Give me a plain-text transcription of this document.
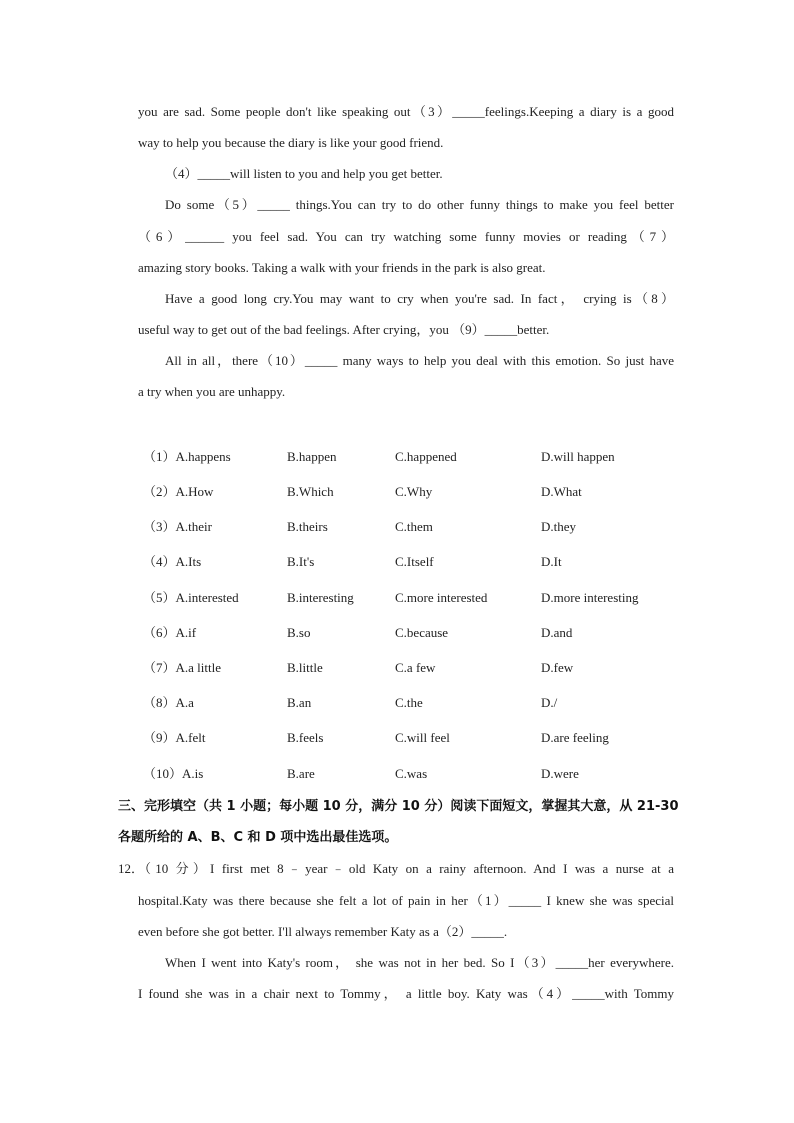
you are sad. Some people don't like speaking out（3）_____feelings.Keeping a diary is a good
way to help you because the diary is like your good friend.
（4）_____will listen to you and help you get better.
Do some（5）_____ things.You can try to do other funny things to make you feel better
（6）______ you feel sad. You can try watching some funny movies or reading（7）
amazing story books. Taking a walk with your friends in the park is also great.
Have a good long cry.You may want to cry when you're sad. In fact， crying is（8）
useful way to get out of the bad feelings. After crying，you （9）_____better.
All in all，there（10）_____ many ways to help you deal with this emotion. So just have
a try when you are unhappy.
（1）A.happens	B.happen	C.happened	D.will happen
（2）A.How	B.Which	C.Why	D.What
（3）A.their	B.theirs	C.them	D.they
（4）A.Its	B.It's	C.Itself	D.It
（5）A.interested	B.interesting	C.more interested	D.more interesting
（6）A.if	B.so	C.because	D.and
（7）A.a little	B.little	C.a few	D.few
（8）A.a	B.an	C.the	D./
（9）A.felt	B.feels	C.will feel	D.are feeling
（10）A.is	B.are	C.was	D.were
三、完形填空（共 1 小题；每小题 10 分，满分 10 分）阅读下面短文，掌握其大意，从 21-30
各题所给的 A、B、C 和 D 项中选出最佳选项。
12．
（10 分）I first met 8﹣year﹣old Katy on a rainy afternoon. And I was a nurse at a
hospital.Katy was there because she felt a lot of pain in her（1）_____ I knew she was special
even before she got better. I'll always remember Katy as a（2）_____.
When I went into Katy's room， she was not in her bed. So I（3）_____her everywhere.
I found she was in a chair next to Tommy， a little boy. Katy was（4）_____with Tommy
